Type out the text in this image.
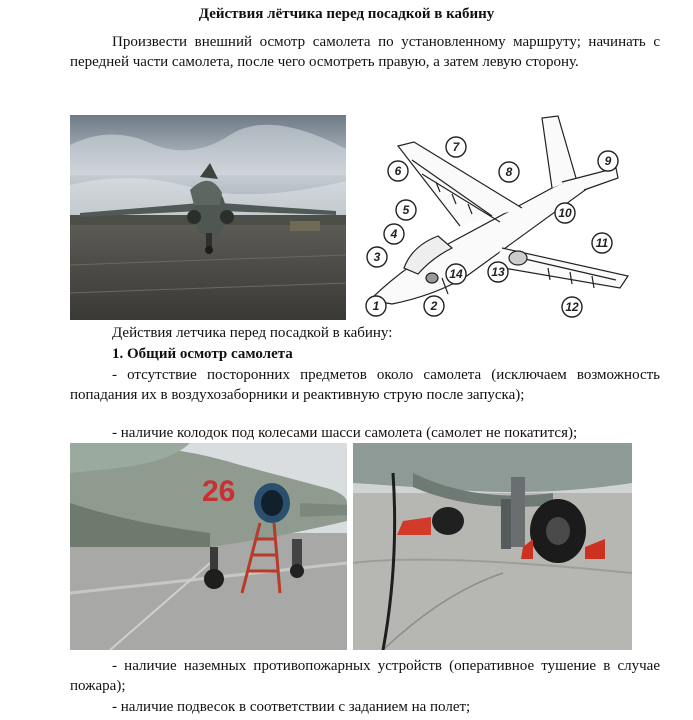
Действия лётчика перед посадкой в кабину
Произвести внешний осмотр самолета по установленному маршруту; начинать с передней части самолета, после чего осмотреть правую, а затем левую сторону.
1	2
3
4
5
6
7
8
9
10
11
12
13
14
Действия летчика перед посадкой в кабину:
1. Общий осмотр самолета
- отсутствие посторонних предметов около самолета (исключаем возможность попадания их в воздухозаборники и реактивную струю после запуска);
- наличие колодок под колесами шасси самолета (самолет не покатится);
26
- наличие наземных противопожарных устройств (оперативное тушение в случае пожара);
- наличие подвесок в соответствии с заданием на полет;
